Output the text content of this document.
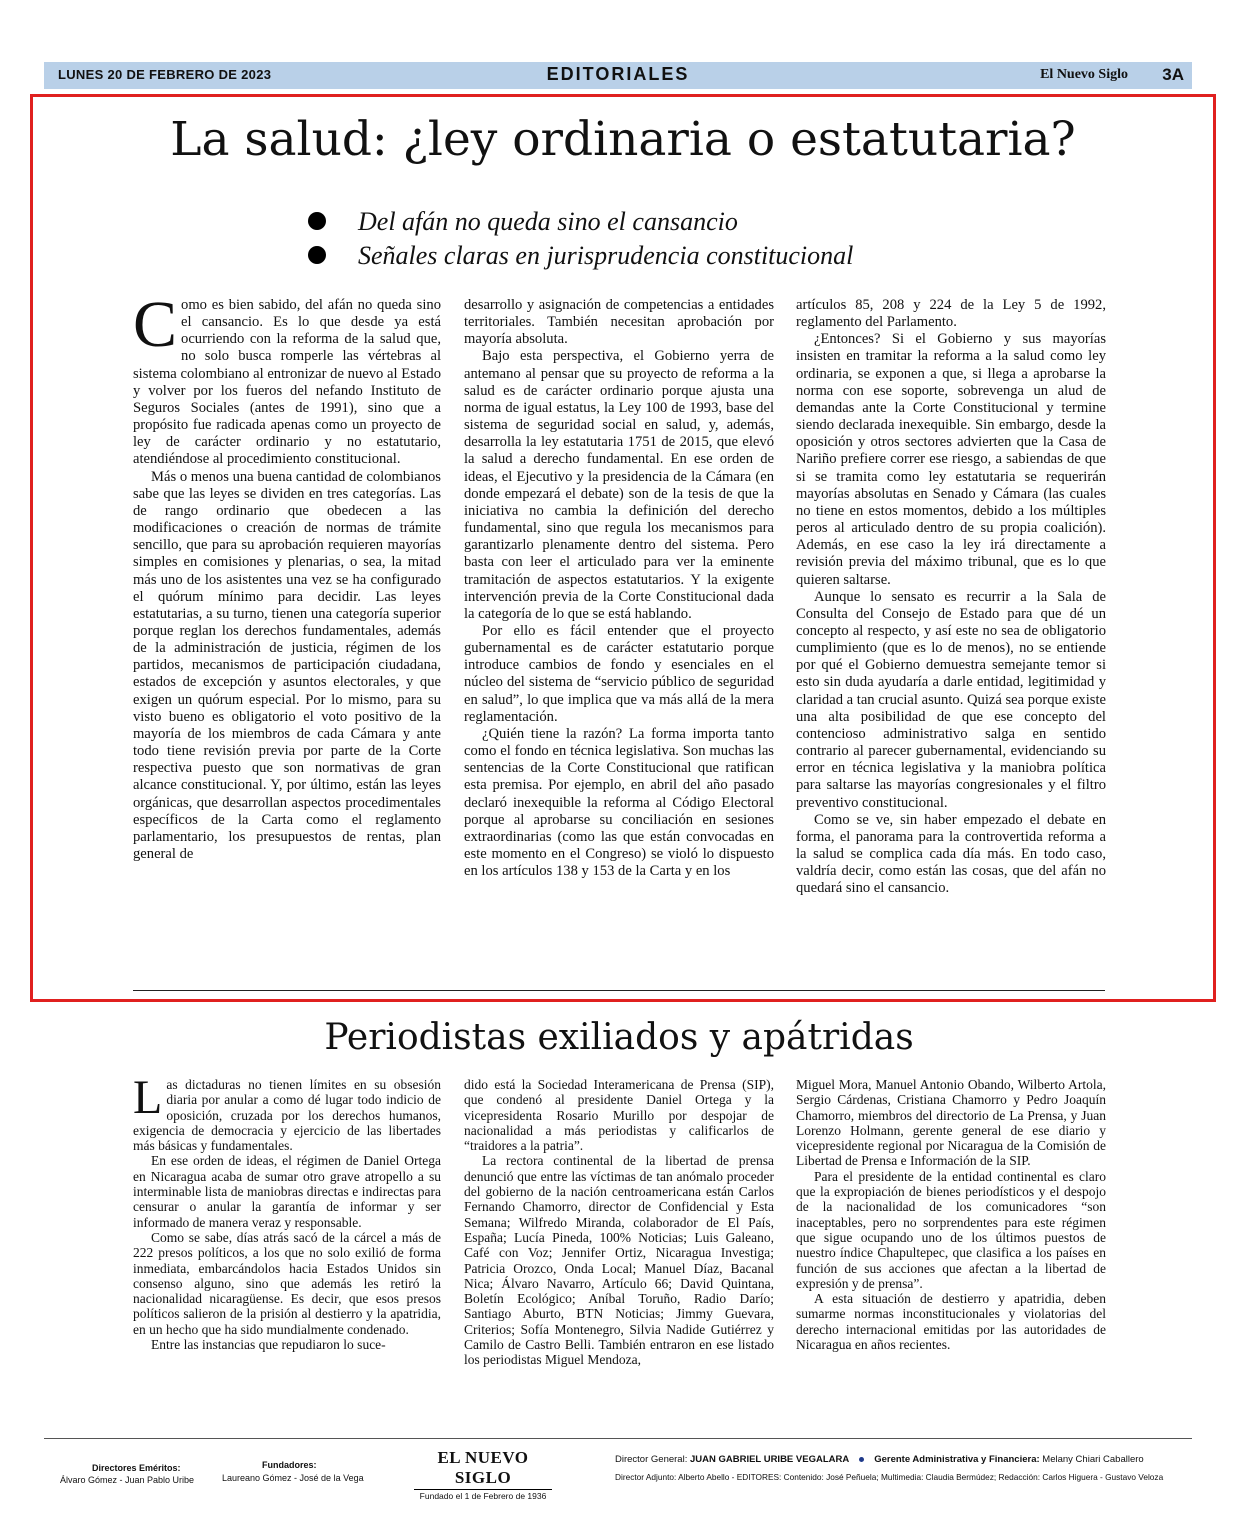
LUNES 20 DE FEBRERO DE 2023	EDITORIALES	El Nuevo Siglo 3A
La salud: ¿ley ordinaria o estatutaria?
Del afán no queda sino el cansancio
Señales claras en jurisprudencia constitucional

Como es bien sabido, del afán no queda sino el cansancio. Es lo que desde ya está ocurriendo con la reforma de la salud que, no solo busca romperle las vértebras al sistema colombiano al entronizar de nuevo al Estado y volver por los fueros del nefando Instituto de Seguros Sociales (antes de 1991), sino que a propósito fue radicada apenas como un proyecto de ley de carácter ordinario y no estatutario, atendiéndose al procedimiento constitucional.

Más o menos una buena cantidad de colombianos sabe que las leyes se dividen en tres categorías. Las de rango ordinario que obedecen a las modificaciones o creación de normas de trámite sencillo, que para su aprobación requieren mayorías simples en comisiones y plenarias, o sea, la mitad más uno de los asistentes una vez se ha configurado el quórum mínimo para decidir. Las leyes estatutarias, a su turno, tienen una categoría superior porque reglan los derechos fundamentales, además de la administración de justicia, régimen de los partidos, mecanismos de participación ciudadana, estados de excepción y asuntos electorales, y que exigen un quórum especial. Por lo mismo, para su visto bueno es obligatorio el voto positivo de la mayoría de los miembros de cada Cámara y ante todo tiene revisión previa por parte de la Corte respectiva puesto que son normativas de gran alcance constitucional. Y, por último, están las leyes orgánicas, que desarrollan aspectos procedimentales específicos de la Carta como el reglamento parlamentario, los presupuestos de rentas, plan general de

desarrollo y asignación de competencias a entidades territoriales. También necesitan aprobación por mayoría absoluta.

Bajo esta perspectiva, el Gobierno yerra de antemano al pensar que su proyecto de reforma a la salud es de carácter ordinario porque ajusta una norma de igual estatus, la Ley 100 de 1993, base del sistema de seguridad social en salud, y, además, desarrolla la ley estatutaria 1751 de 2015, que elevó la salud a derecho fundamental. En ese orden de ideas, el Ejecutivo y la presidencia de la Cámara (en donde empezará el debate) son de la tesis de que la iniciativa no cambia la definición del derecho fundamental, sino que regula los mecanismos para garantizarlo plenamente dentro del sistema. Pero basta con leer el articulado para ver la eminente tramitación de aspectos estatutarios. Y la exigente intervención previa de la Corte Constitucional dada la categoría de lo que se está hablando.

Por ello es fácil entender que el proyecto gubernamental es de carácter estatutario porque introduce cambios de fondo y esenciales en el núcleo del sistema de “servicio público de seguridad en salud”, lo que implica que va más allá de la mera reglamentación.

¿Quién tiene la razón? La forma importa tanto como el fondo en técnica legislativa. Son muchas las sentencias de la Corte Constitucional que ratifican esta premisa. Por ejemplo, en abril del año pasado declaró inexequible la reforma al Código Electoral porque al aprobarse su conciliación en sesiones extraordinarias (como las que están convocadas en este momento en el Congreso) se violó lo dispuesto en los artículos 138 y 153 de la Carta y en los

artículos 85, 208 y 224 de la Ley 5 de 1992, reglamento del Parlamento.

¿Entonces? Si el Gobierno y sus mayorías insisten en tramitar la reforma a la salud como ley ordinaria, se exponen a que, si llega a aprobarse la norma con ese soporte, sobrevenga un alud de demandas ante la Corte Constitucional y termine siendo declarada inexequible. Sin embargo, desde la oposición y otros sectores advierten que la Casa de Nariño prefiere correr ese riesgo, a sabiendas de que si se tramita como ley estatutaria se requerirán mayorías absolutas en Senado y Cámara (las cuales no tiene en estos momentos, debido a los múltiples peros al articulado dentro de su propia coalición). Además, en ese caso la ley irá directamente a revisión previa del máximo tribunal, que es lo que quieren saltarse.

Aunque lo sensato es recurrir a la Sala de Consulta del Consejo de Estado para que dé un concepto al respecto, y así este no sea de obligatorio cumplimiento (que es lo de menos), no se entiende por qué el Gobierno demuestra semejante temor si esto sin duda ayudaría a darle entidad, legitimidad y claridad a tan crucial asunto. Quizá sea porque existe una alta posibilidad de que ese concepto del contencioso administrativo salga en sentido contrario al parecer gubernamental, evidenciando su error en técnica legislativa y la maniobra política para saltarse las mayorías congresionales y el filtro preventivo constitucional.

Como se ve, sin haber empezado el debate en forma, el panorama para la controvertida reforma a la salud se complica cada día más. En todo caso, valdría decir, como están las cosas, que del afán no quedará sino el cansancio.

Periodistas exiliados y apátridas

Las dictaduras no tienen límites en su obsesión diaria por anular a como dé lugar todo indicio de oposición, cruzada por los derechos humanos, exigencia de democracia y ejercicio de las libertades más básicas y fundamentales.

En ese orden de ideas, el régimen de Daniel Ortega en Nicaragua acaba de sumar otro grave atropello a su interminable lista de maniobras directas e indirectas para censurar o anular la garantía de informar y ser informado de manera veraz y responsable.

Como se sabe, días atrás sacó de la cárcel a más de 222 presos políticos, a los que no solo exilió de forma inmediata, embarcándolos hacia Estados Unidos sin consenso alguno, sino que además les retiró la nacionalidad nicaragüense. Es decir, que esos presos políticos salieron de la prisión al destierro y la apatridia, en un hecho que ha sido mundialmente condenado.

Entre las instancias que repudiaron lo suce-

dido está la Sociedad Interamericana de Prensa (SIP), que condenó al presidente Daniel Ortega y la vicepresidenta Rosario Murillo por despojar de nacionalidad a más periodistas y calificarlos de “traidores a la patria”.

La rectora continental de la libertad de prensa denunció que entre las víctimas de tan anómalo proceder del gobierno de la nación centroamericana están Carlos Fernando Chamorro, director de Confidencial y Esta Semana; Wilfredo Miranda, colaborador de El País, España; Lucía Pineda, 100% Noticias; Luis Galeano, Café con Voz; Jennifer Ortiz, Nicaragua Investiga; Patricia Orozco, Onda Local; Manuel Díaz, Bacanal Nica; Álvaro Navarro, Artículo 66; David Quintana, Boletín Ecológico; Aníbal Toruño, Radio Darío; Santiago Aburto, BTN Noticias; Jimmy Guevara, Criterios; Sofía Montenegro, Silvia Nadide Gutiérrez y Camilo de Castro Belli. También entraron en ese listado los periodistas Miguel Mendoza,

Miguel Mora, Manuel Antonio Obando, Wilberto Artola, Sergio Cárdenas, Cristiana Chamorro y Pedro Joaquín Chamorro, miembros del directorio de La Prensa, y Juan Lorenzo Holmann, gerente general de ese diario y vicepresidente regional por Nicaragua de la Comisión de Libertad de Prensa e Información de la SIP.

Para el presidente de la entidad continental es claro que la expropiación de bienes periodísticos y el despojo de la nacionalidad de los comunicadores “son inaceptables, pero no sorprendentes para este régimen que sigue ocupando uno de los últimos puestos de nuestro índice Chapultepec, que clasifica a los países en función de sus acciones que afectan a la libertad de expresión y de prensa”.

A esta situación de destierro y apatridia, deben sumarme normas inconstitucionales y violatorias del derecho internacional emitidas por las autoridades de Nicaragua en años recientes.

Directores Eméritos:
Álvaro Gómez - Juan Pablo Uribe
Fundadores:
Laureano Gómez - José de la Vega
EL NUEVO SIGLO
Fundado el 1 de Febrero de 1936
Director General: JUAN GABRIEL URIBE VEGALARA	Gerente Administrativa y Financiera: Melany Chiari Caballero
Director Adjunto: Alberto Abello - EDITORES: Contenido: José Peñuela; Multimedia: Claudia Bermúdez; Redacción: Carlos Higuera - Gustavo Veloza
